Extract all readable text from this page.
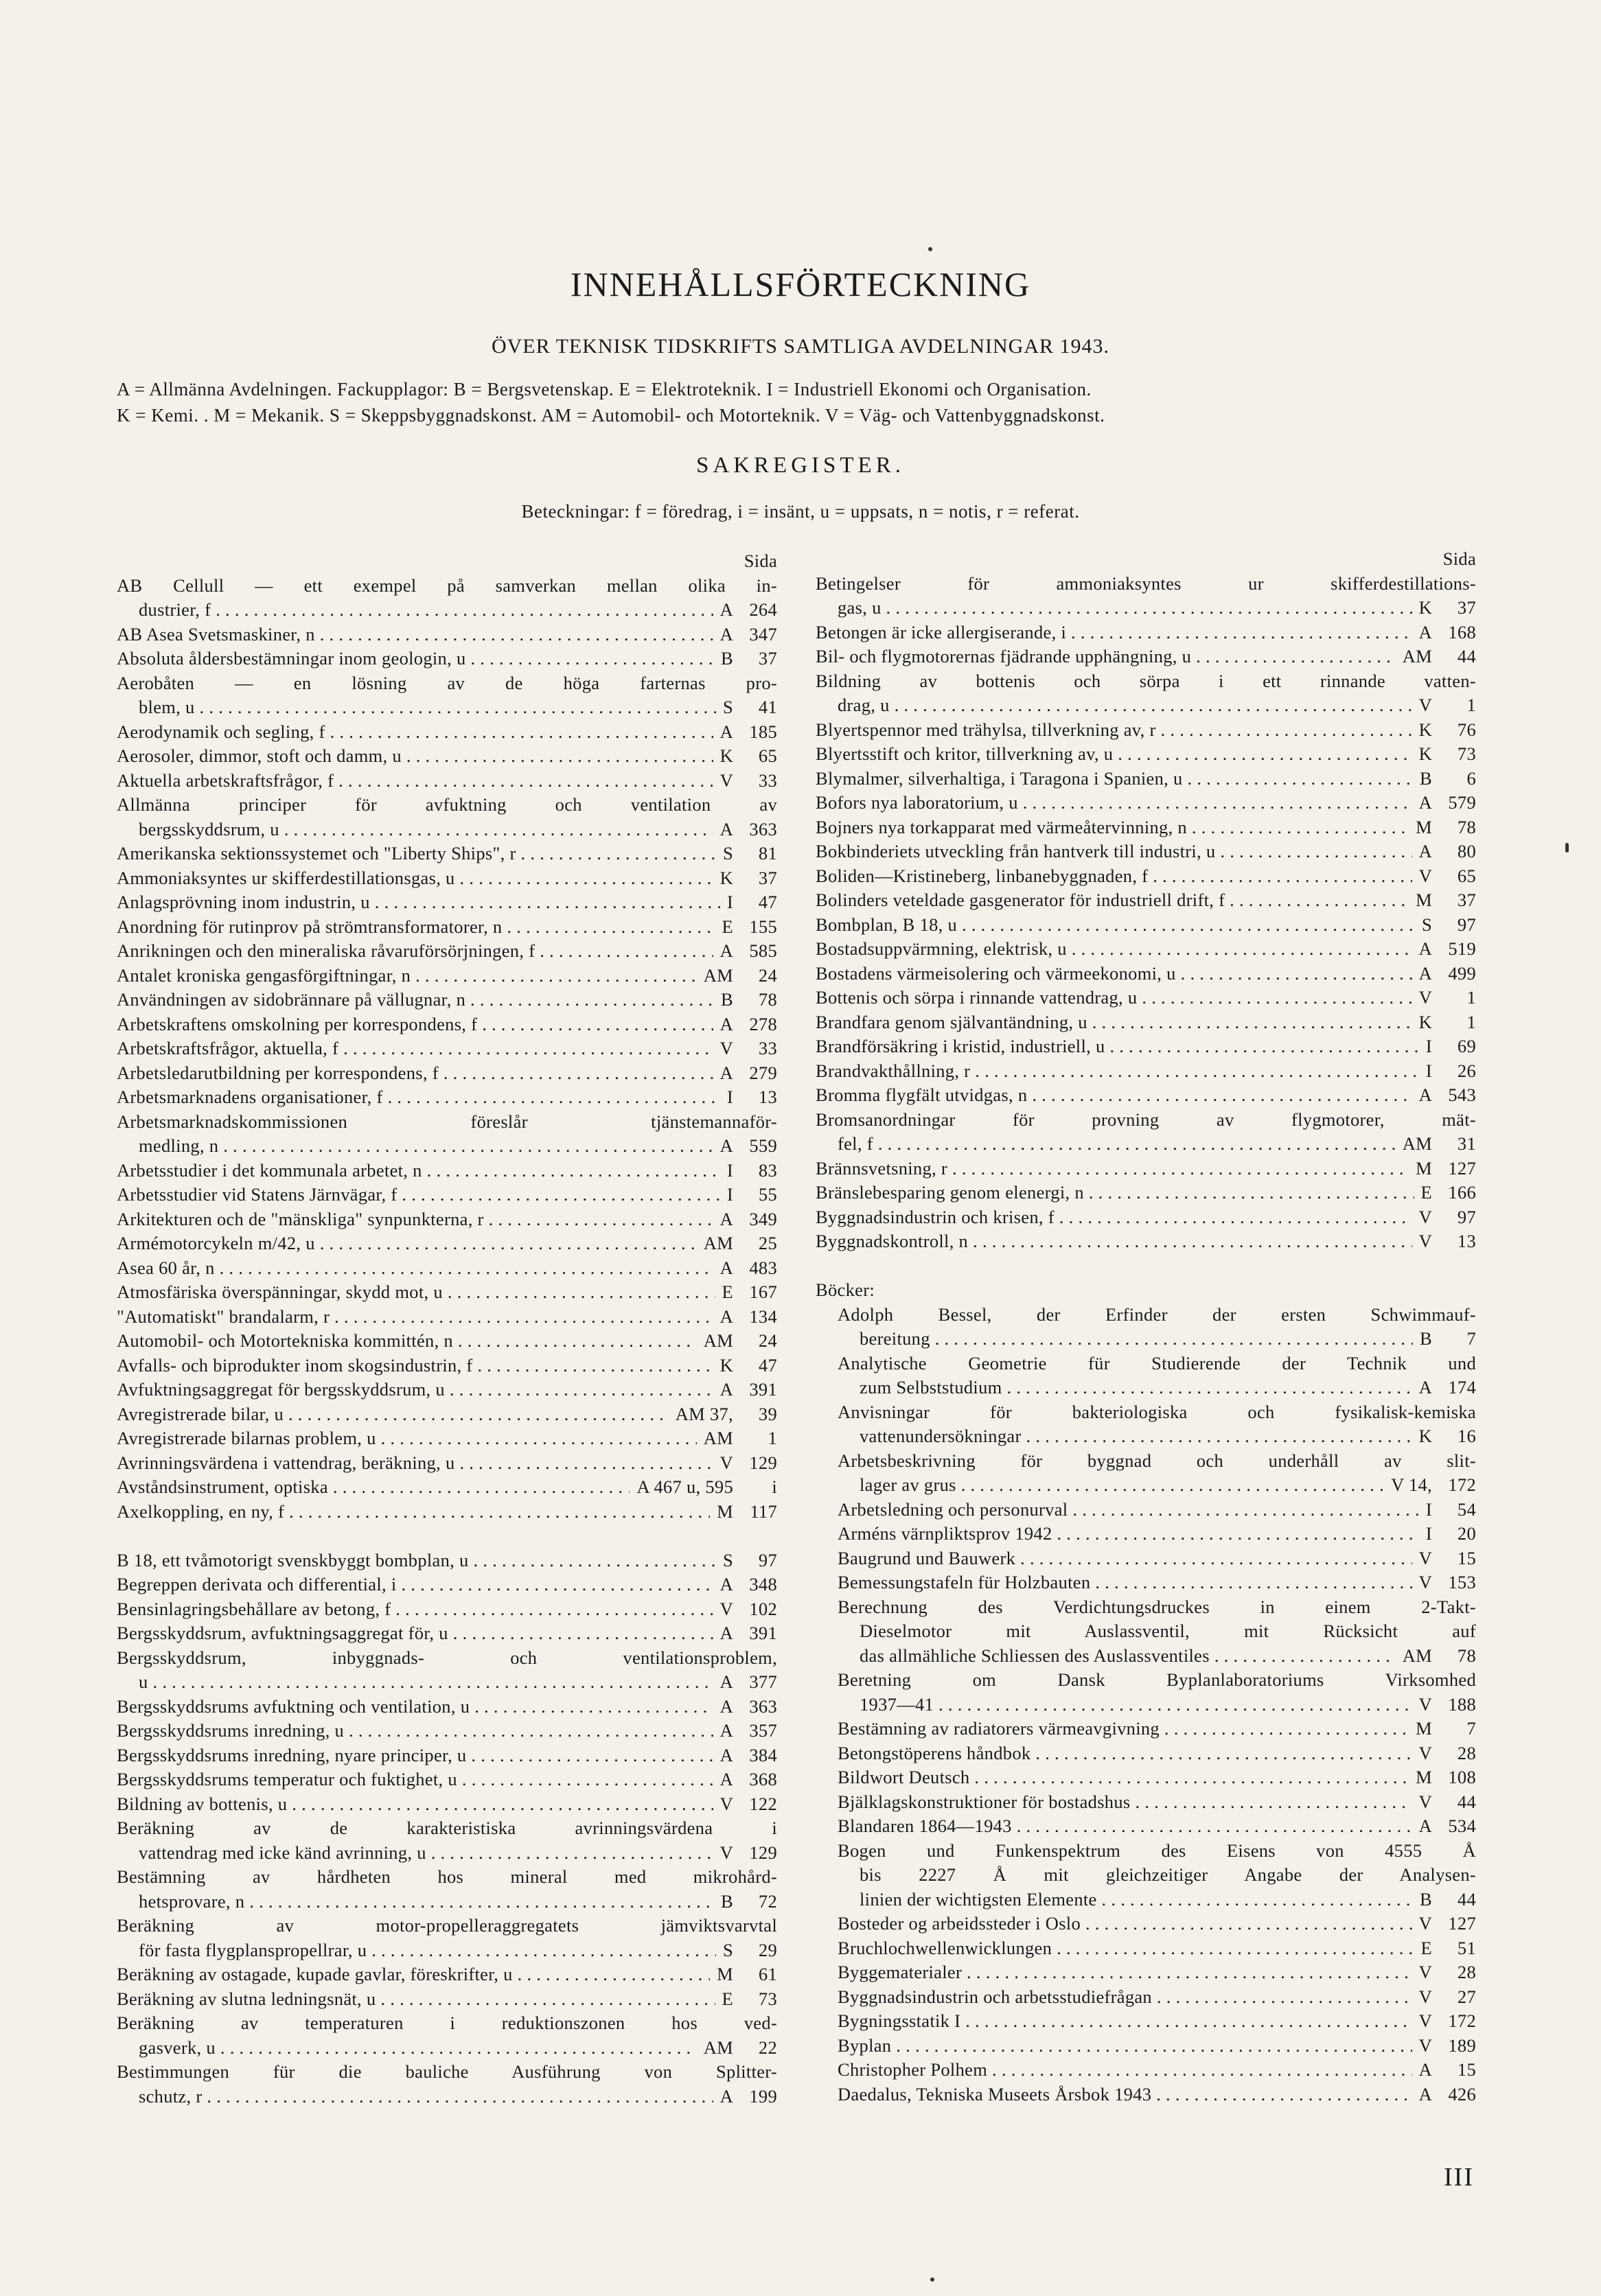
INNEHÅLLSFÖRTECKNING
ÖVER TEKNISK TIDSKRIFTS SAMTLIGA AVDELNINGAR 1943.
A = Allmänna Avdelningen. Fackupplagor: B = Bergsvetenskap. E = Elektroteknik. I = Industriell Ekonomi och Organisation.
K = Kemi. . M = Mekanik. S = Skeppsbyggnadskonst. AM = Automobil- och Motorteknik. V = Väg- och Vattenbyggnadskonst.
SAKREGISTER.
Beteckningar: f = föredrag, i = insänt, u = uppsats, n = notis, r = referat.
Sida
AB Cellull — ett exempel på samverkan mellan olika in-
dustrier, f . . .	A 264
AB Asea Svetsmaskiner, n . . .	A 347
Absoluta åldersbestämningar inom geologin, u . . .	B	37
Aerobåten — en lösning av de höga farternas pro-
blem, u . . .	S	41
Aerodynamik och segling, f . . .	A 185
Aerosoler, dimmor, stoft och damm, u . . .	K	65
Aktuella arbetskraftsfrågor, f . . .	V	33
Allmänna principer för avfuktning och ventilation av
bergsskyddsrum, u . . .	A 363
Amerikanska sektionssystemet och "Liberty Ships", r . . .	S	81
Ammoniaksyntes ur skifferdestillationsgas, u . . .	K	37
Anlagsprövning inom industrin, u . . .	I	47
Anordning för rutinprov på strömtransformatorer, n . . .	E 155
Anrikningen och den mineraliska råvaruförsörjningen, f . . .	A 585
Antalet kroniska gengasförgiftningar, n . . .	AM	24
Användningen av sidobrännare på vällugnar, n . . .	B	78
Arbetskraftens omskolning per korrespondens, f . . .	A 278
Arbetskraftsfrågor, aktuella, f . . .	V	33
Arbetsledarutbildning per korrespondens, f . . .	A 279
Arbetsmarknadens organisationer, f . . .	I	13
Arbetsmarknadskommissionen föreslår tjänstemannaför-
medling, n . . .	A 559
Arbetsstudier i det kommunala arbetet, n . . .	I	83
Arbetsstudier vid Statens Järnvägar, f . . .	I	55
Arkitekturen och de "mänskliga" synpunkterna, r . . .	A 349
Armémotorcykeln m/42, u . . .	AM	25
Asea 60 år, n . . .	A 483
Atmosfäriska överspänningar, skydd mot, u . . .	E 167
"Automatiskt" brandalarm, r . . .	A 134
Automobil- och Motortekniska kommittén, n . . .	AM	24
Avfalls- och biprodukter inom skogsindustrin, f . . .	K	47
Avfuktningsaggregat för bergsskyddsrum, u . . .	A 391
Avregistrerade bilar, u . . .	AM 37,	39
Avregistrerade bilarnas problem, u . . .	AM	1
Avrinningsvärdena i vattendrag, beräkning, u . . .	V 129
Avståndsinstrument, optiska . . .	A 467 u, 595	i
Axelkoppling, en ny, f . . .	M 117
B 18, ett tvåmotorigt svenskbyggt bombplan, u . . .	S	97
Begreppen derivata och differential, i . . .	A 348
Bensinlagringsbehållare av betong, f . . .	V 102
Bergsskyddsrum, avfuktningsaggregat för, u . . .	A 391
Bergsskyddsrum, inbyggnads- och ventilationsproblem,
u . . .	A 377
Bergsskyddsrums avfuktning och ventilation, u . . .	A 363
Bergsskyddsrums inredning, u . . .	A 357
Bergsskyddsrums inredning, nyare principer, u . . .	A 384
Bergsskyddsrums temperatur och fuktighet, u . . .	A 368
Bildning av bottenis, u . . .	V 122
Beräkning av de karakteristiska avrinningsvärdena i
vattendrag med icke känd avrinning, u . . .	V 129
Bestämning av hårdheten hos mineral med mikrohård-
hetsprovare, n . . .	B	72
Beräkning av motor-propelleraggregatets jämviktsvarvtal
för fasta flygplanspropellrar, u . . .	S	29
Beräkning av ostagade, kupade gavlar, föreskrifter, u . . .	M	61
Beräkning av slutna ledningsnät, u . . .	E	73
Beräkning av temperaturen i reduktionszonen hos ved-
gasverk, u . . .	AM	22
Bestimmungen für die bauliche Ausführung von Splitter-
schutz, r . . .	A 199
Sida
Betingelser för ammoniaksyntes ur skifferdestillations-
gas, u . . .	K	37
Betongen är icke allergiserande, i . . .	A 168
Bil- och flygmotorernas fjädrande upphängning, u . . .	AM	44
Bildning av bottenis och sörpa i ett rinnande vatten-
drag, u . . .	V	1
Blyertspennor med trähylsa, tillverkning av, r . . .	K	76
Blyertsstift och kritor, tillverkning av, u . . .	K	73
Blymalmer, silverhaltiga, i Taragona i Spanien, u . . .	B	6
Bofors nya laboratorium, u . . .	A 579
Bojners nya torkapparat med värmeåtervinning, n . . .	M	78
Bokbinderiets utveckling från hantverk till industri, u . . .	A	80
Boliden—Kristineberg, linbanebyggnaden, f . . .	V	65
Bolinders veteldade gasgenerator för industriell drift, f . . .	M	37
Bombplan, B 18, u . . .	S	97
Bostadsuppvärmning, elektrisk, u . . .	A 519
Bostadens värmeisolering och värmeekonomi, u . . .	A 499
Bottenis och sörpa i rinnande vattendrag, u . . .	V	1
Brandfara genom självantändning, u . . .	K	1
Brandförsäkring i kristid, industriell, u . . .	I	69
Brandvakthållning, r . . .	I	26
Bromma flygfält utvidgas, n . . .	A 543
Bromsanordningar för provning av flygmotorer, mät-
fel, f . . .	AM	31
Brännsvetsning, r . . .	M 127
Bränslebesparing genom elenergi, n . . .	E 166
Byggnadsindustrin och krisen, f . . .	V	97
Byggnadskontroll, n . . .	V	13
Böcker:
Adolph Bessel, der Erfinder der ersten Schwimmauf-
bereitung . . .	B	7
Analytische Geometrie für Studierende der Technik und
zum Selbststudium . . .	A 174
Anvisningar för bakteriologiska och fysikalisk-kemiska
vattenundersökningar . . .	K	16
Arbetsbeskrivning för byggnad och underhåll av slit-
lager av grus . . .	V 14, 172
Arbetsledning och personurval . . .	I	54
Arméns värnpliktsprov 1942 . . .	I	20
Baugrund und Bauwerk . . .	V	15
Bemessungstafeln für Holzbauten . . .	V 153
Berechnung des Verdichtungsdruckes in einem 2-Takt-
Dieselmotor mit Auslassventil, mit Rücksicht auf
das allmähliche Schliessen des Auslassventiles . . .	AM	78
Beretning om Dansk Byplanlaboratoriums Virksomhed
1937—41 . . .	V 188
Bestämning av radiatorers värmeavgivning . . .	M	7
Betongstöperens håndbok . . .	V	28
Bildwort Deutsch . . .	M 108
Bjälklagskonstruktioner för bostadshus . . .	V	44
Blandaren 1864—1943 . . .	A 534
Bogen und Funkenspektrum des Eisens von 4555 Å
bis 2227 Å mit gleichzeitiger Angabe der Analysen-
linien der wichtigsten Elemente . . .	B	44
Bosteder og arbeidssteder i Oslo . . .	V 127
Bruchlochwellenwicklungen . . .	E	51
Byggematerialer . . .	V	28
Byggnadsindustrin och arbetsstudiefrågan . . .	V	27
Bygningsstatik I . . .	V 172
Byplan . . .	V 189
Christopher Polhem . . .	A	15
Daedalus, Tekniska Museets Årsbok 1943 . . .	A 426
III
